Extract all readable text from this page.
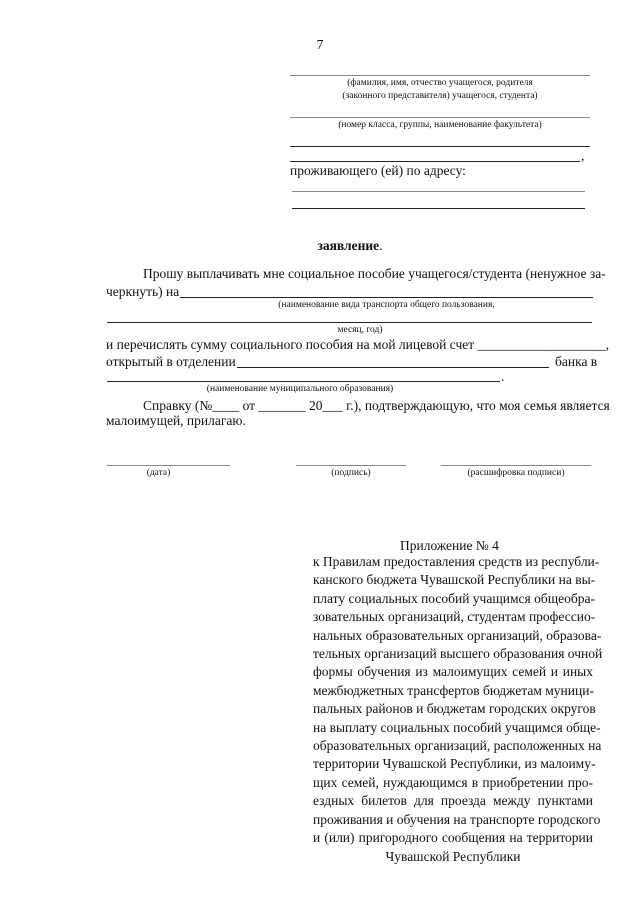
7
(фамилия, имя, отчество учащегося, родителя
(законного представителя) учащегося, студента)
(номер класса, группы, наименование факультета)
,
проживающего (ей) по адресу:
заявление.
Прошу выплачивать мне социальное пособие учащегося/студента (ненужное за-
черкнуть) на
(наименование вида транспорта общего пользования,
месяц, год)
и перечислять сумму социального пособия на мой лицевой счет ___________________,
открытый в отделении	банка в
.
(наименование муниципального образования)
Справку (№____ от _______ 20___ г.), подтверждающую, что моя семья является
малоимущей, прилагаю.
(дата)	(подпись)	(расшифровка подписи)
Приложение № 4
к Правилам предоставления средств из республи-
канского бюджета Чувашской Республики на вы-
плату социальных пособий учащимся общеобра-
зовательных организаций, студентам профессио-
нальных образовательных организаций, образова-
тельных организаций высшего образования очной
формы обучения из малоимущих семей и иных
межбюджетных трансфертов бюджетам муници-
пальных районов и бюджетам городских округов
на выплату социальных пособий учащимся обще-
образовательных организаций, расположенных на
территории Чувашской Республики, из малоиму-
щих семей, нуждающимся в приобретении про-
ездных билетов для проезда между пунктами
проживания и обучения на транспорте городского
и (или) пригородного сообщения на территории
Чувашской Республики
